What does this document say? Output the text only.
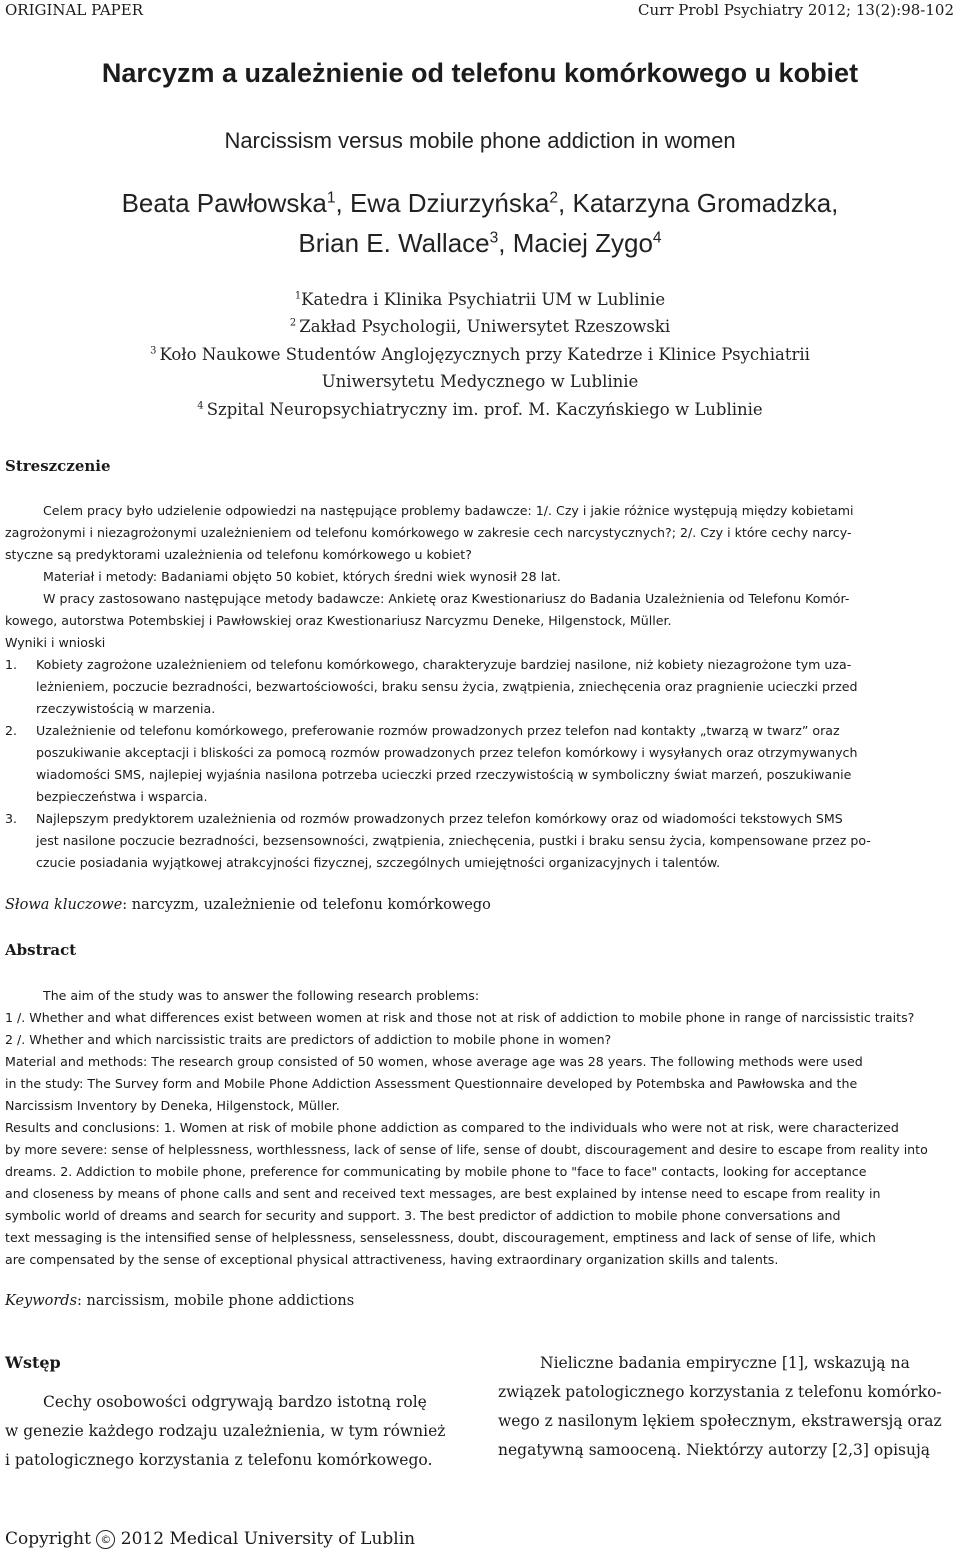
ORIGINAL PAPER	Curr Probl Psychiatry 2012; 13(2):98-102
Narcyzm a uzależnienie od telefonu komórkowego u kobiet
Narcissism versus mobile phone addiction in women
Beata Pawłowska$^1$, Ewa Dziurzyńska$^2$, Katarzyna Gromadzka,
Brian E. Wallace$^3$, Maciej Zygo$^4$
$^1$Katedra i Klinika Psychiatrii UM w Lublinie
$^2$ Zakład Psychologii, Uniwersytet Rzeszowski
$^3$ Koło Naukowe Studentów Anglojęzycznych przy Katedrze i Klinice Psychiatrii
Uniwersytetu Medycznego w Lublinie
$^4$ Szpital Neuropsychiatryczny im. prof. M. Kaczyńskiego w Lublinie
Streszczenie
Celem pracy było udzielenie odpowiedzi na następujące problemy badawcze: 1/. Czy i jakie różnice występują między kobietami
zagrożonymi i niezagrożonymi uzależnieniem od telefonu komórkowego w zakresie cech narcystycznych?; 2/. Czy i które cechy narcy-
styczne są predyktorami uzależnienia od telefonu komórkowego u kobiet?
Materiał i metody: Badaniami objęto 50 kobiet, których średni wiek wynosił 28 lat.
W pracy zastosowano następujące metody badawcze: Ankietę oraz Kwestionariusz do Badania Uzależnienia od Telefonu Komór-
kowego, autorstwa Potembskiej i Pawłowskiej oraz Kwestionariusz Narcyzmu Deneke, Hilgenstock, Müller.
Wyniki i wnioski
1. Kobiety zagrożone uzależnieniem od telefonu komórkowego, charakteryzuje bardziej nasilone, niż kobiety niezagrożone tym uza-
leżnieniem, poczucie bezradności, bezwartościowości, braku sensu życia, zwątpienia, zniechęcenia oraz pragnienie ucieczki przed
rzeczywistością w marzenia.
2. Uzależnienie od telefonu komórkowego, preferowanie rozmów prowadzonych przez telefon nad kontakty „twarzą w twarz” oraz
poszukiwanie akceptacji i bliskości za pomocą rozmów prowadzonych przez telefon komórkowy i wysyłanych oraz otrzymywanych
wiadomości SMS, najlepiej wyjaśnia nasilona potrzeba ucieczki przed rzeczywistością w symboliczny świat marzeń, poszukiwanie
bezpieczeństwa i wsparcia.
3. Najlepszym predyktorem uzależnienia od rozmów prowadzonych przez telefon komórkowy oraz od wiadomości tekstowych SMS
jest nasilone poczucie bezradności, bezsensowności, zwątpienia, zniechęcenia, pustki i braku sensu życia, kompensowane przez po-
czucie posiadania wyjątkowej atrakcyjności fizycznej, szczególnych umiejętności organizacyjnych i talentów.
Słowa kluczowe: narcyzm, uzależnienie od telefonu komórkowego
Abstract
The aim of the study was to answer the following research problems:
1 /. Whether and what differences exist between women at risk and those not at risk of addiction to mobile phone in range of narcissistic traits?
2 /. Whether and which narcissistic traits are predictors of addiction to mobile phone in women?
Material and methods: The research group consisted of 50 women, whose average age was 28 years. The following methods were used
in the study: The Survey form and Mobile Phone Addiction Assessment Questionnaire developed by Potembska and Pawłowska and the
Narcissism Inventory by Deneka, Hilgenstock, Müller.
Results and conclusions: 1. Women at risk of mobile phone addiction as compared to the individuals who were not at risk, were characterized
by more severe: sense of helplessness, worthlessness, lack of sense of life, sense of doubt, discouragement and desire to escape from reality into
dreams. 2. Addiction to mobile phone, preference for communicating by mobile phone to "face to face" contacts, looking for acceptance
and closeness by means of phone calls and sent and received text messages, are best explained by intense need to escape from reality in
symbolic world of dreams and search for security and support. 3. The best predictor of addiction to mobile phone conversations and
text messaging is the intensified sense of helplessness, senselessness, doubt, discouragement, emptiness and lack of sense of life, which
are compensated by the sense of exceptional physical attractiveness, having extraordinary organization skills and talents.
Keywords: narcissism, mobile phone addictions
Wstęp
Cechy osobowości odgrywają bardzo istotną rolę
w genezie każdego rodzaju uzależnienia, w tym również
i patologicznego korzystania z telefonu komórkowego.
Nieliczne badania empiryczne [1], wskazują na
związek patologicznego korzystania z telefonu komórko-
wego z nasilonym lękiem społecznym, ekstrawersją oraz
negatywną samooceną. Niektórzy autorzy [2,3] opisują
Copyright © 2012 Medical University of Lublin
